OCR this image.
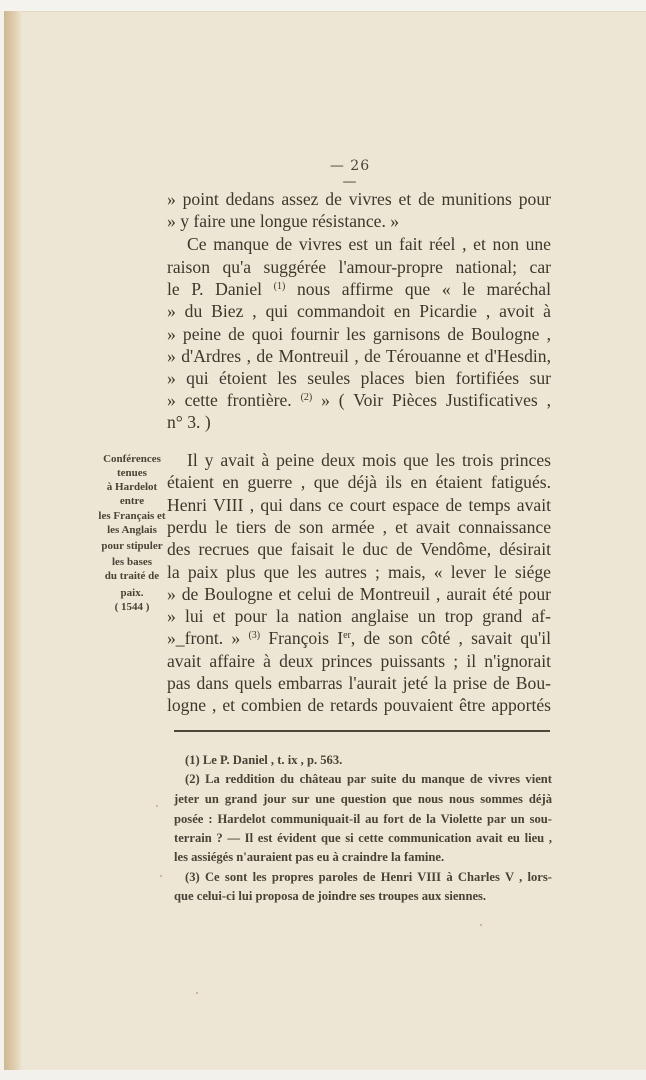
— 26 —
» point dedans assez de vivres et de munitions pour
» y faire une longue résistance. »
Ce manque de vivres est un fait réel , et non une
raison qu'a suggérée l'amour-propre national; car
le P. Daniel $^{(1)}$ nous affirme que « le maréchal
» du Biez , qui commandoit en Picardie , avoit à
» peine de quoi fournir les garnisons de Boulogne ,
» d'Ardres , de Montreuil , de Térouanne et d'Hesdin,
» qui étoient les seules places bien fortifiées sur
» cette frontière. $^{(2)}$ » ( Voir Pièces Justificatives ,
n° 3. )
Il y avait à peine deux mois que les trois princes
étaient en guerre , que déjà ils en étaient fatigués.
Henri VIII , qui dans ce court espace de temps avait
perdu le tiers de son armée , et avait connaissance
des recrues que faisait le duc de Vendôme, désirait
la paix plus que les autres ; mais, « lever le siége
» de Boulogne et celui de Montreuil , aurait été pour
» lui et pour la nation anglaise un trop grand af-
»_front. » $^{(3)}$ François Ier, de son côté , savait qu'il
avait affaire à deux princes puissants ; il n'ignorait
pas dans quels embarras l'aurait jeté la prise de Bou-
logne , et combien de retards pouvaient être apportés
Conférences
tenues
à Hardelot
entre
les Français et
les Anglais
pour stipuler
les bases
du traité de
paix.
( 1544 )
(1) Le P. Daniel , t. ix , p. 563.
(2) La reddition du château par suite du manque de vivres vient
jeter un grand jour sur une question que nous nous sommes déjà
posée : Hardelot communiquait-il au fort de la Violette par un sou-
terrain ? — Il est évident que si cette communication avait eu lieu ,
les assiégés n'auraient pas eu à craindre la famine.
(3) Ce sont les propres paroles de Henri VIII à Charles V , lors-
que celui-ci lui proposa de joindre ses troupes aux siennes.
